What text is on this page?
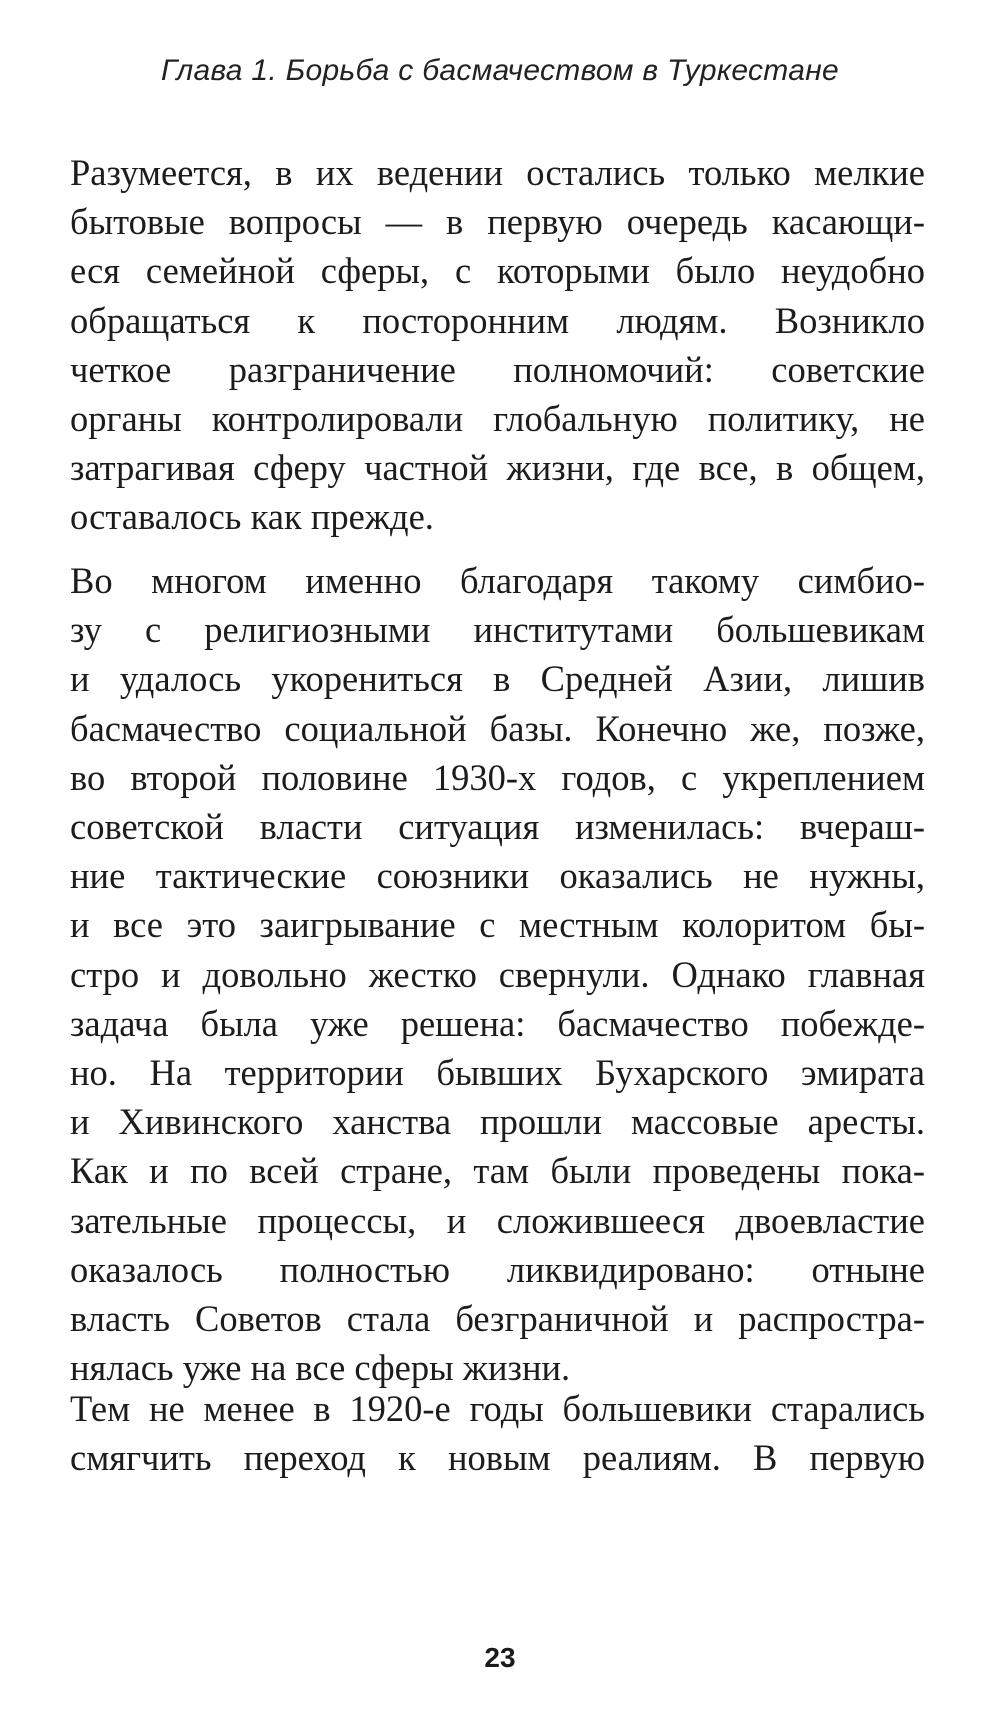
Глава 1. Борьба с басмачеством в Туркестане
Разумеется, в их ведении остались только мелкие
бытовые вопросы — в первую очередь касающи-
еся семейной сферы, с которыми было неудобно
обращаться к посторонним людям. Возникло
четкое разграничение полномочий: советские
органы контролировали глобальную политику, не
затрагивая сферу частной жизни, где все, в общем,
оставалось как прежде.
Во многом именно благодаря такому симбио-
зу с религиозными институтами большевикам
и удалось укорениться в Средней Азии, лишив
басмачество социальной базы. Конечно же, позже,
во второй половине 1930-х годов, с укреплением
советской власти ситуация изменилась: вчераш-
ние тактические союзники оказались не нужны,
и все это заигрывание с местным колоритом бы-
стро и довольно жестко свернули. Однако главная
задача была уже решена: басмачество побежде-
но. На территории бывших Бухарского эмирата
и Хивинского ханства прошли массовые аресты.
Как и по всей стране, там были проведены пока-
зательные процессы, и сложившееся двоевластие
оказалось полностью ликвидировано: отныне
власть Советов стала безграничной и распростра-
нялась уже на все сферы жизни.
Тем не менее в 1920-е годы большевики старались
смягчить переход к новым реалиям. В первую
23
